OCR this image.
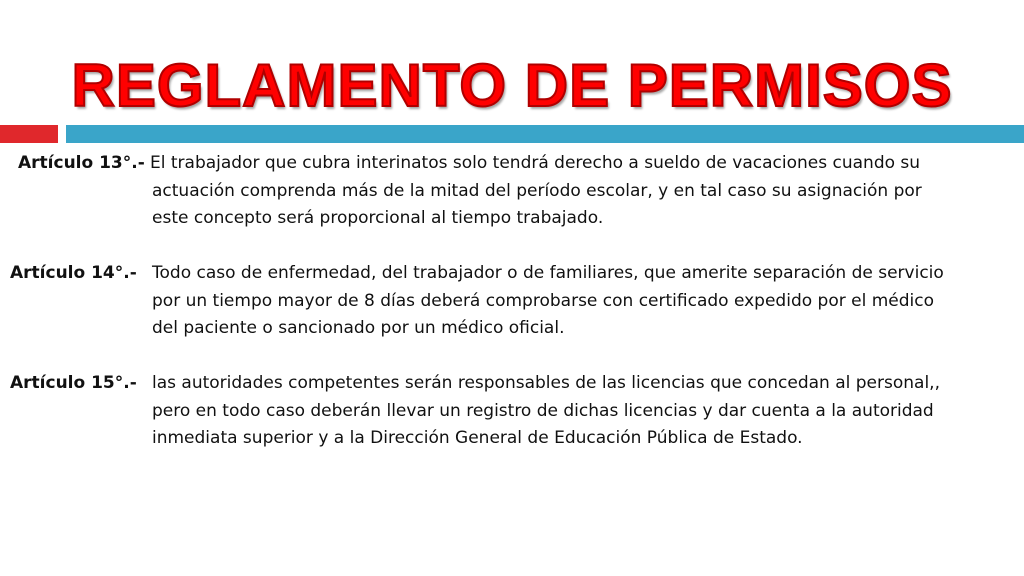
REGLAMENTO DE PERMISOS
Artículo 13°.- El trabajador que cubra interinatos solo tendrá derecho a sueldo de vacaciones cuando su
actuación comprenda más de la mitad del período escolar, y en tal caso su asignación por
este concepto será proporcional al tiempo trabajado.
Artículo 14°.- Todo caso de enfermedad, del trabajador o de familiares, que amerite separación de servicio
por un tiempo mayor de 8 días deberá comprobarse con certificado expedido por el médico
del paciente o sancionado por un médico oficial.
Artículo 15°.- las autoridades competentes serán responsables de las licencias que concedan al personal,,
pero en todo caso deberán llevar un registro de dichas licencias y dar cuenta a la autoridad
inmediata superior y a la Dirección General de Educación Pública de Estado.
